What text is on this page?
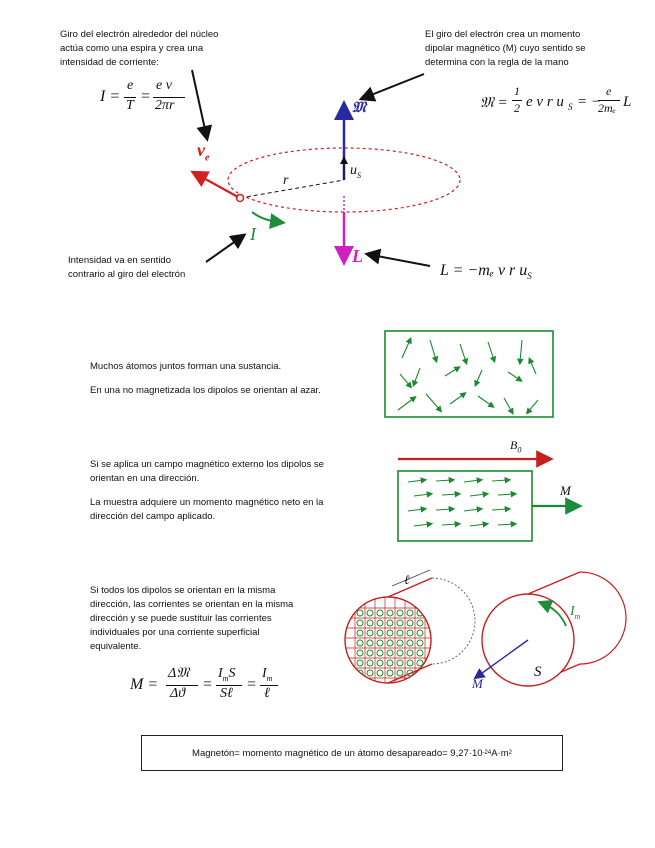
Giro del electrón alrededor del núcleo
actúa como una espira y crea una
intensidad de corriente:
El giro del electrón crea un momento
dipolar magnético (M) cuyo sentido se
determina con la regla de la mano
I =
e
T
=
e v
2πr	𝔐 =
1
2 e v r u S = −
e
2mₑ L
𝔐
L
r
$u_S$
$v_e$
I
Intensidad va en sentido
contrario al giro del electrón	L = −mₑ v r $u_S$
Muchos átomos juntos forman una sustancia.
En una no magnetizada los dipolos se orientan al azar.
Si se aplica un campo magnético externo los dipolos se
orientan en una dirección.
La muestra adquiere un momento magnético neto en la
dirección del campo aplicado.
$B_0$
M
Si todos los dipolos se orientan en la misma
dirección, las corrientes se orientan en la misma
dirección y se puede sustituir las corrientes
individuales por una corriente superficial
equivalente.
M =
Δ𝔐
Δϑ
=
$I_mS$
Sℓ
=
$I_m$
ℓ
ℓ
$I_m$
S
M
Magnetón= momento magnético de un átomo desapareado= 9,27·10 -24 A·m 2
